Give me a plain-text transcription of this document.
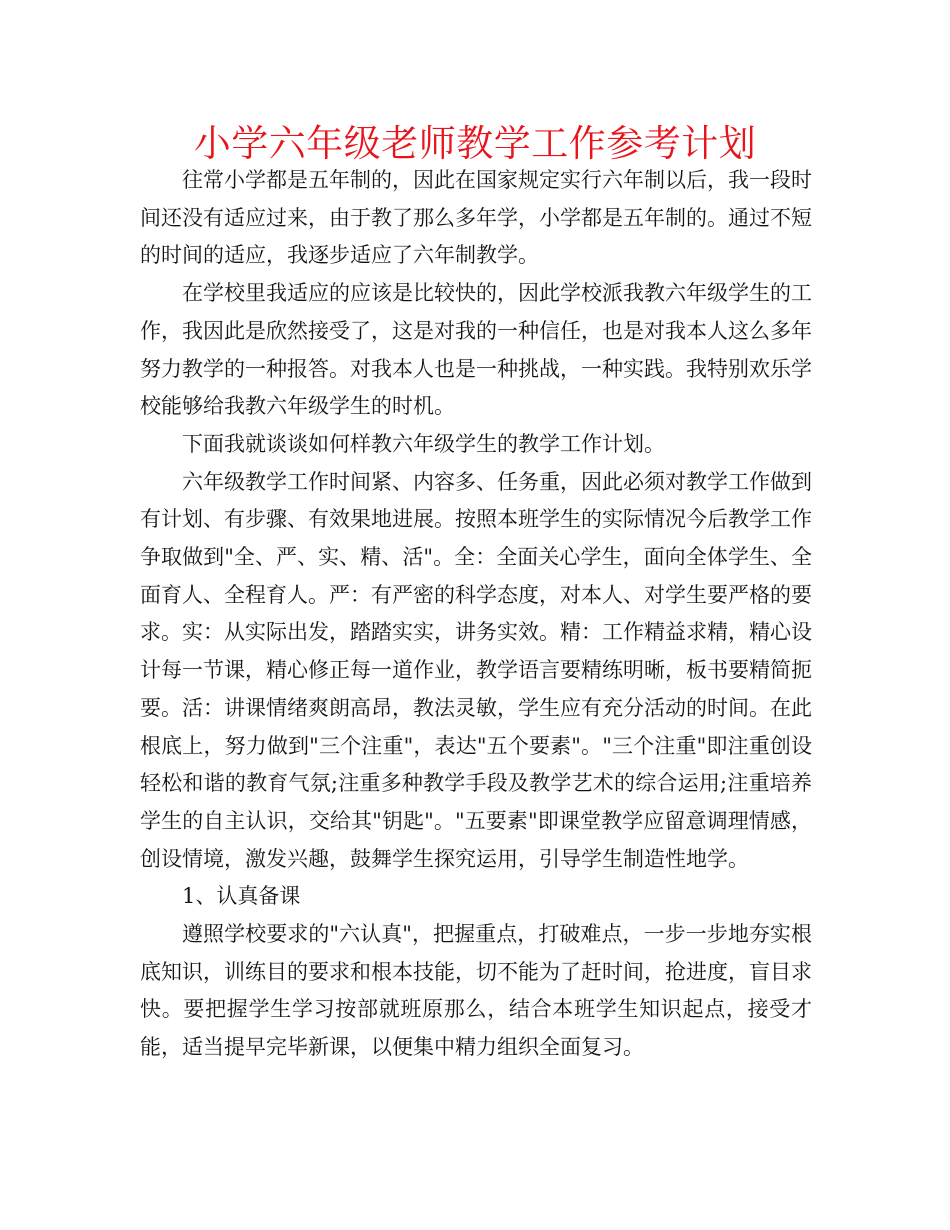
小学六年级老师教学工作参考计划

往常小学都是五年制的，因此在国家规定实行六年制以后，我一段时间还没有适应过来，由于教了那么多年学，小学都是五年制的。通过不短的时间的适应，我逐步适应了六年制教学。

在学校里我适应的应该是比较快的，因此学校派我教六年级学生的工作，我因此是欣然接受了，这是对我的一种信任，也是对我本人这么多年努力教学的一种报答。对我本人也是一种挑战，一种实践。我特别欢乐学校能够给我教六年级学生的时机。

下面我就谈谈如何样教六年级学生的教学工作计划。

六年级教学工作时间紧、内容多、任务重，因此必须对教学工作做到有计划、有步骤、有效果地进展。按照本班学生的实际情况今后教学工作争取做到"全、严、实、精、活"。全：全面关心学生，面向全体学生、全面育人、全程育人。严：有严密的科学态度，对本人、对学生要严格的要求。实：从实际出发，踏踏实实，讲务实效。精：工作精益求精，精心设计每一节课，精心修正每一道作业，教学语言要精练明晰，板书要精简扼要。活：讲课情绪爽朗高昂，教法灵敏，学生应有充分活动的时间。在此根底上，努力做到"三个注重"，表达"五个要素"。"三个注重"即注重创设轻松和谐的教育气氛;注重多种教学手段及教学艺术的综合运用;注重培养学生的自主认识，交给其"钥匙"。"五要素"即课堂教学应留意调理情感，创设情境，激发兴趣，鼓舞学生探究运用，引导学生制造性地学。

1、认真备课

遵照学校要求的"六认真"，把握重点，打破难点，一步一步地夯实根底知识，训练目的要求和根本技能，切不能为了赶时间，抢进度，盲目求快。要把握学生学习按部就班原那么，结合本班学生知识起点，接受才能，适当提早完毕新课，以便集中精力组织全面复习。
